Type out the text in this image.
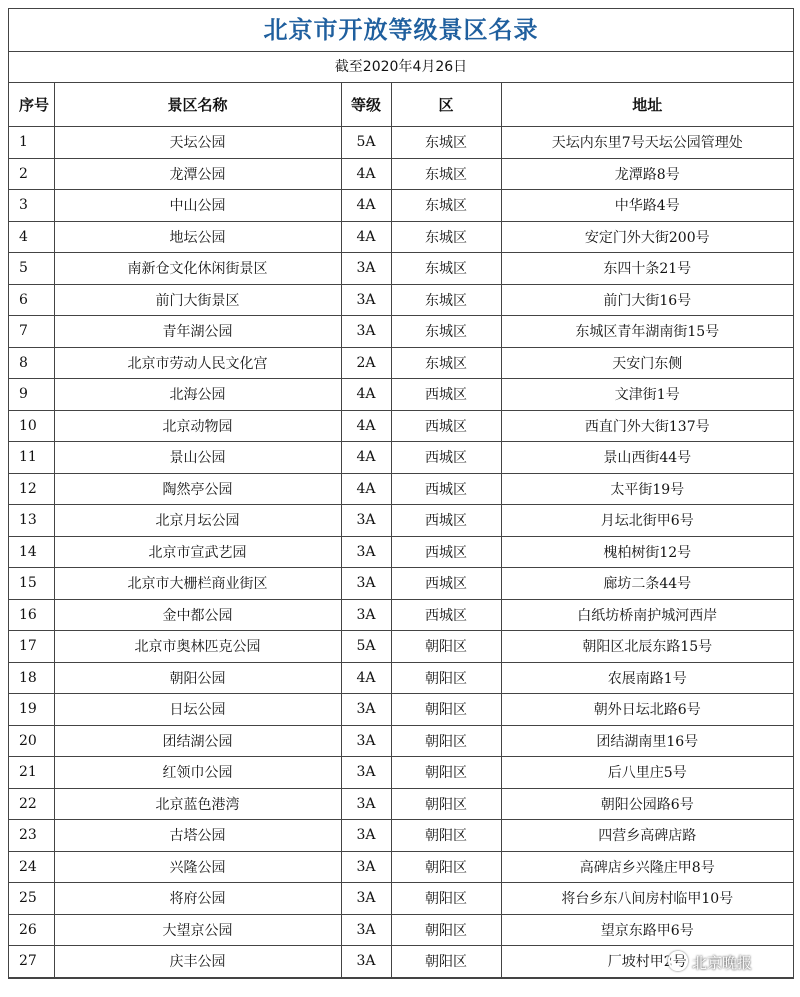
北京市开放等级景区名录
截至2020年4月26日
序号	景区名称	等级	区	地址
1	天坛公园	5A	东城区	天坛内东里7号天坛公园管理处
2	龙潭公园	4A	东城区	龙潭路8号
3	中山公园	4A	东城区	中华路4号
4	地坛公园	4A	东城区	安定门外大街200号
5	南新仓文化休闲街景区	3A	东城区	东四十条21号
6	前门大街景区	3A	东城区	前门大街16号
7	青年湖公园	3A	东城区	东城区青年湖南街15号
8	北京市劳动人民文化宫	2A	东城区	天安门东侧
9	北海公园	4A	西城区	文津街1号
10	北京动物园	4A	西城区	西直门外大街137号
11	景山公园	4A	西城区	景山西街44号
12	陶然亭公园	4A	西城区	太平街19号
13	北京月坛公园	3A	西城区	月坛北街甲6号
14	北京市宣武艺园	3A	西城区	槐柏树街12号
15	北京市大栅栏商业街区	3A	西城区	廊坊二条44号
16	金中都公园	3A	西城区	白纸坊桥南护城河西岸
17	北京市奥林匹克公园	5A	朝阳区	朝阳区北辰东路15号
18	朝阳公园	4A	朝阳区	农展南路1号
19	日坛公园	3A	朝阳区	朝外日坛北路6号
20	团结湖公园	3A	朝阳区	团结湖南里16号
21	红领巾公园	3A	朝阳区	后八里庄5号
22	北京蓝色港湾	3A	朝阳区	朝阳公园路6号
23	古塔公园	3A	朝阳区	四营乡高碑店路
24	兴隆公园	3A	朝阳区	高碑店乡兴隆庄甲8号
25	将府公园	3A	朝阳区	将台乡东八间房村临甲10号
26	大望京公园	3A	朝阳区	望京东路甲6号
27	庆丰公园	3A	朝阳区	厂坡村甲2号 北京晚报
